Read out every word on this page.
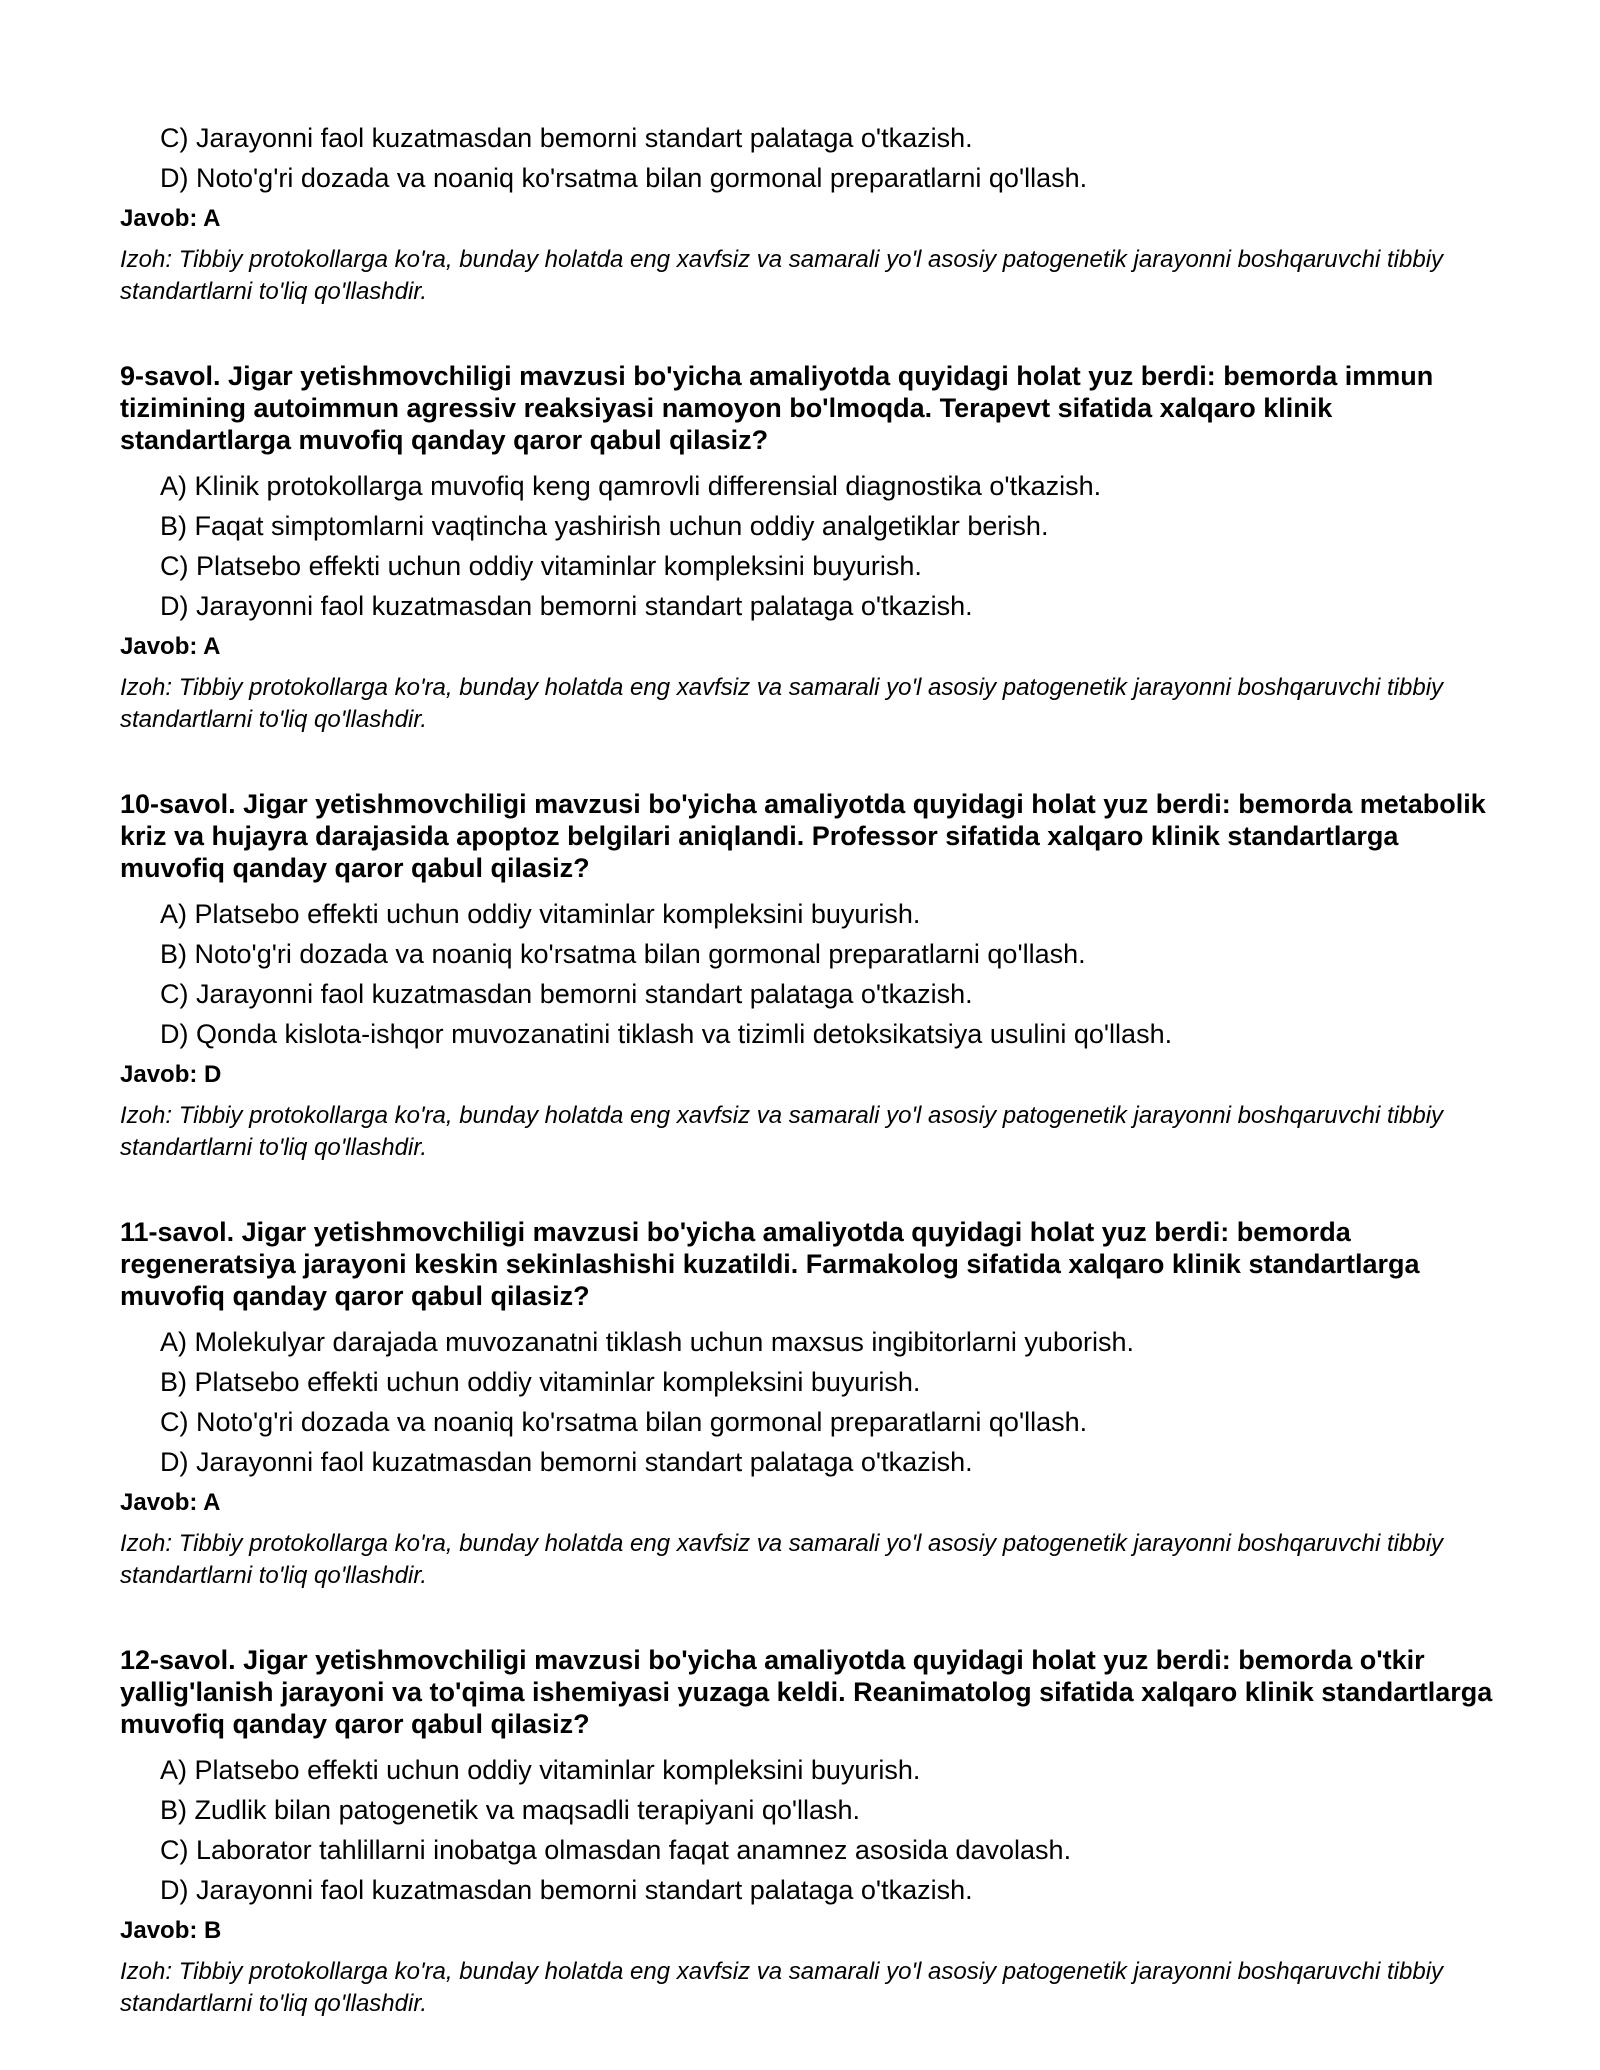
C) Jarayonni faol kuzatmasdan bemorni standart palataga o'tkazish.
D) Noto'g'ri dozada va noaniq ko'rsatma bilan gormonal preparatlarni qo'llash.
Javob: A
Izoh: Tibbiy protokollarga ko'ra, bunday holatda eng xavfsiz va samarali yo'l asosiy patogenetik jarayonni boshqaruvchi tibbiy standartlarni to'liq qo'llashdir.
9-savol. Jigar yetishmovchiligi mavzusi bo'yicha amaliyotda quyidagi holat yuz berdi: bemorda immun tizimining autoimmun agressiv reaksiyasi namoyon bo'lmoqda. Terapevt sifatida xalqaro klinik standartlarga muvofiq qanday qaror qabul qilasiz?
A) Klinik protokollarga muvofiq keng qamrovli differensial diagnostika o'tkazish.
B) Faqat simptomlarni vaqtincha yashirish uchun oddiy analgetiklar berish.
C) Platsebo effekti uchun oddiy vitaminlar kompleksini buyurish.
D) Jarayonni faol kuzatmasdan bemorni standart palataga o'tkazish.
Javob: A
Izoh: Tibbiy protokollarga ko'ra, bunday holatda eng xavfsiz va samarali yo'l asosiy patogenetik jarayonni boshqaruvchi tibbiy standartlarni to'liq qo'llashdir.
10-savol. Jigar yetishmovchiligi mavzusi bo'yicha amaliyotda quyidagi holat yuz berdi: bemorda metabolik kriz va hujayra darajasida apoptoz belgilari aniqlandi. Professor sifatida xalqaro klinik standartlarga muvofiq qanday qaror qabul qilasiz?
A) Platsebo effekti uchun oddiy vitaminlar kompleksini buyurish.
B) Noto'g'ri dozada va noaniq ko'rsatma bilan gormonal preparatlarni qo'llash.
C) Jarayonni faol kuzatmasdan bemorni standart palataga o'tkazish.
D) Qonda kislota-ishqor muvozanatini tiklash va tizimli detoksikatsiya usulini qo'llash.
Javob: D
Izoh: Tibbiy protokollarga ko'ra, bunday holatda eng xavfsiz va samarali yo'l asosiy patogenetik jarayonni boshqaruvchi tibbiy standartlarni to'liq qo'llashdir.
11-savol. Jigar yetishmovchiligi mavzusi bo'yicha amaliyotda quyidagi holat yuz berdi: bemorda regeneratsiya jarayoni keskin sekinlashishi kuzatildi. Farmakolog sifatida xalqaro klinik standartlarga muvofiq qanday qaror qabul qilasiz?
A) Molekulyar darajada muvozanatni tiklash uchun maxsus ingibitorlarni yuborish.
B) Platsebo effekti uchun oddiy vitaminlar kompleksini buyurish.
C) Noto'g'ri dozada va noaniq ko'rsatma bilan gormonal preparatlarni qo'llash.
D) Jarayonni faol kuzatmasdan bemorni standart palataga o'tkazish.
Javob: A
Izoh: Tibbiy protokollarga ko'ra, bunday holatda eng xavfsiz va samarali yo'l asosiy patogenetik jarayonni boshqaruvchi tibbiy standartlarni to'liq qo'llashdir.
12-savol. Jigar yetishmovchiligi mavzusi bo'yicha amaliyotda quyidagi holat yuz berdi: bemorda o'tkir yallig'lanish jarayoni va to'qima ishemiyasi yuzaga keldi. Reanimatolog sifatida xalqaro klinik standartlarga muvofiq qanday qaror qabul qilasiz?
A) Platsebo effekti uchun oddiy vitaminlar kompleksini buyurish.
B) Zudlik bilan patogenetik va maqsadli terapiyani qo'llash.
C) Laborator tahlillarni inobatga olmasdan faqat anamnez asosida davolash.
D) Jarayonni faol kuzatmasdan bemorni standart palataga o'tkazish.
Javob: B
Izoh: Tibbiy protokollarga ko'ra, bunday holatda eng xavfsiz va samarali yo'l asosiy patogenetik jarayonni boshqaruvchi tibbiy standartlarni to'liq qo'llashdir.
